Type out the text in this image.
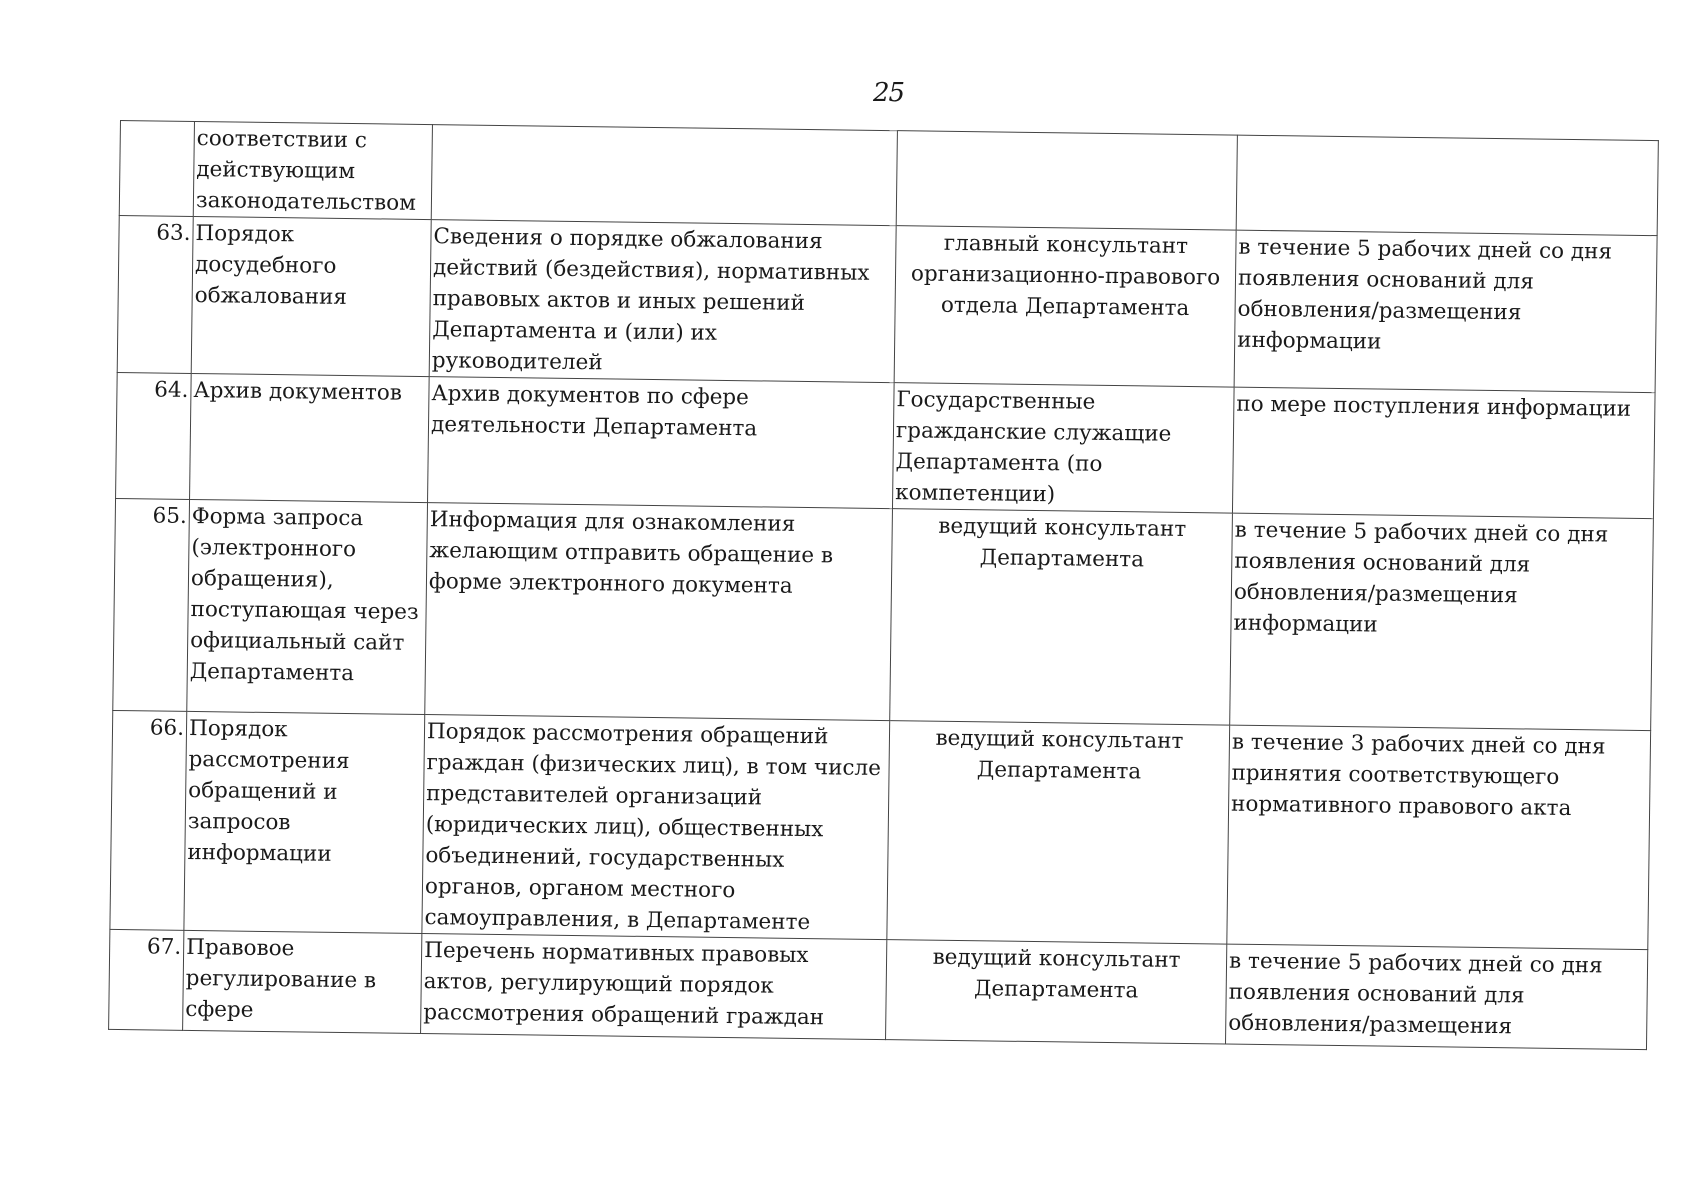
25
	соответствии с действующим законодательством			
63.	Порядок досудебного обжалования	Сведения о порядке обжалования действий (бездействия), нормативных правовых актов и иных решений Департамента и (или) их руководителей	главный консультант организационно-правового отдела Департамента	в течение 5 рабочих дней со дня появления оснований для обновления/размещения информации
64.	Архив документов	Архив документов по сфере деятельности Департамента	Государственные гражданские служащие Департамента (по компетенции)	по мере поступления информации
65.	Форма запроса (электронного обращения), поступающая через официальный сайт Департамента	Информация для ознакомления желающим отправить обращение в форме электронного документа	ведущий консультант Департамента	в течение 5 рабочих дней со дня появления оснований для обновления/размещения информации
66.	Порядок рассмотрения обращений и запросов информации	Порядок рассмотрения обращений граждан (физических лиц), в том числе представителей организаций (юридических лиц), общественных объединений, государственных органов, органом местного самоуправления, в Департаменте	ведущий консультант Департамента	в течение 3 рабочих дней со дня принятия соответствующего нормативного правового акта
67.	Правовое регулирование в сфере	Перечень нормативных правовых актов, регулирующий порядок рассмотрения обращений граждан	ведущий консультант Департамента	в течение 5 рабочих дней со дня появления оснований для обновления/размещения
